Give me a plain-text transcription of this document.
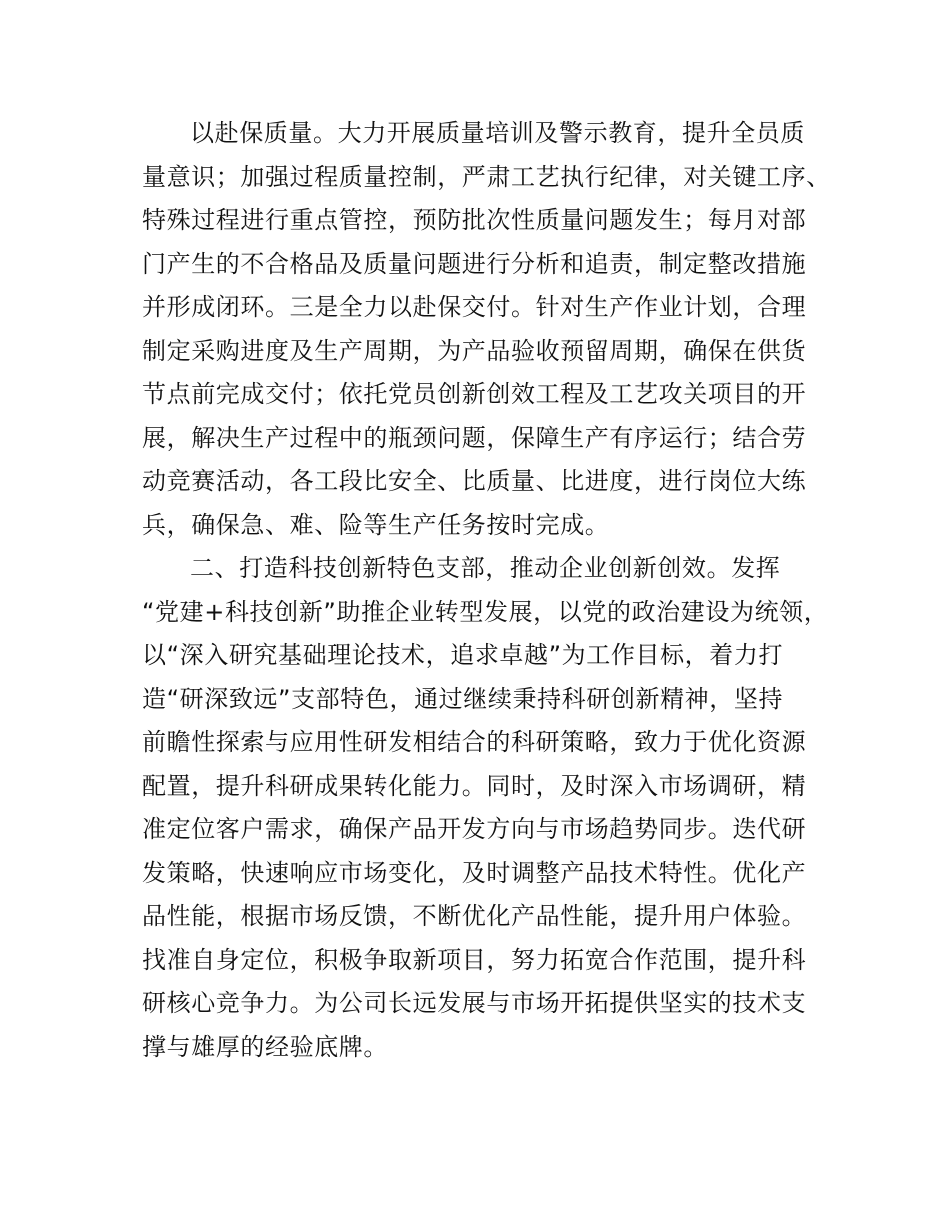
以赴保质量。大力开展质量培训及警示教育，提升全员质
量意识；加强过程质量控制，严肃工艺执行纪律，对关键工序、
特殊过程进行重点管控，预防批次性质量问题发生；每月对部
门产生的不合格品及质量问题进行分析和追责，制定整改措施
并形成闭环。三是全力以赴保交付。针对生产作业计划，合理
制定采购进度及生产周期，为产品验收预留周期，确保在供货
节点前完成交付；依托党员创新创效工程及工艺攻关项目的开
展，解决生产过程中的瓶颈问题，保障生产有序运行；结合劳
动竞赛活动，各工段比安全、比质量、比进度，进行岗位大练
兵，确保急、难、险等生产任务按时完成。
二、打造科技创新特色支部，推动企业创新创效。发挥
“党建+科技创新”助推企业转型发展，以党的政治建设为统领，
以“深入研究基础理论技术，追求卓越”为工作目标，着力打
造“研深致远”支部特色，通过继续秉持科研创新精神，坚持
前瞻性探索与应用性研发相结合的科研策略，致力于优化资源
配置，提升科研成果转化能力。同时，及时深入市场调研，精
准定位客户需求，确保产品开发方向与市场趋势同步。迭代研
发策略，快速响应市场变化，及时调整产品技术特性。优化产
品性能，根据市场反馈，不断优化产品性能，提升用户体验。
找准自身定位，积极争取新项目，努力拓宽合作范围，提升科
研核心竞争力。为公司长远发展与市场开拓提供坚实的技术支
撑与雄厚的经验底牌。
